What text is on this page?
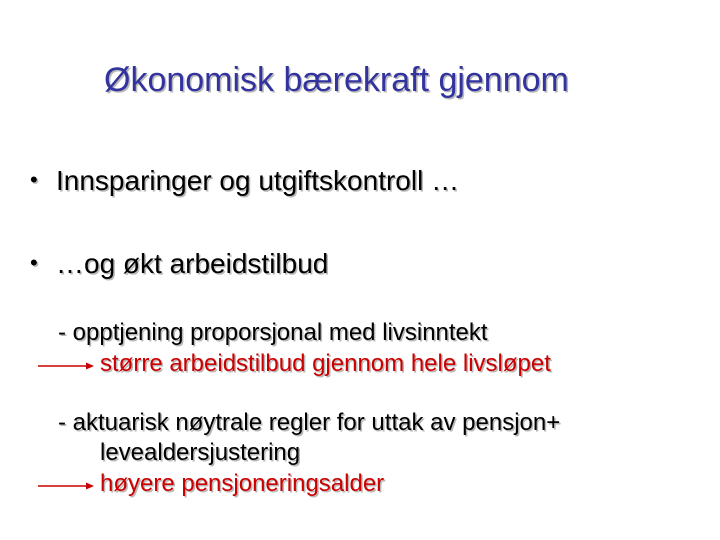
Økonomisk bærekraft gjennom
• Innsparinger og utgiftskontroll …
• …og økt arbeidstilbud
- opptjening proporsjonal med livsinntekt
større arbeidstilbud gjennom hele livsløpet
- aktuarisk nøytrale regler for uttak av pensjon+
levealdersjustering
høyere pensjoneringsalder
